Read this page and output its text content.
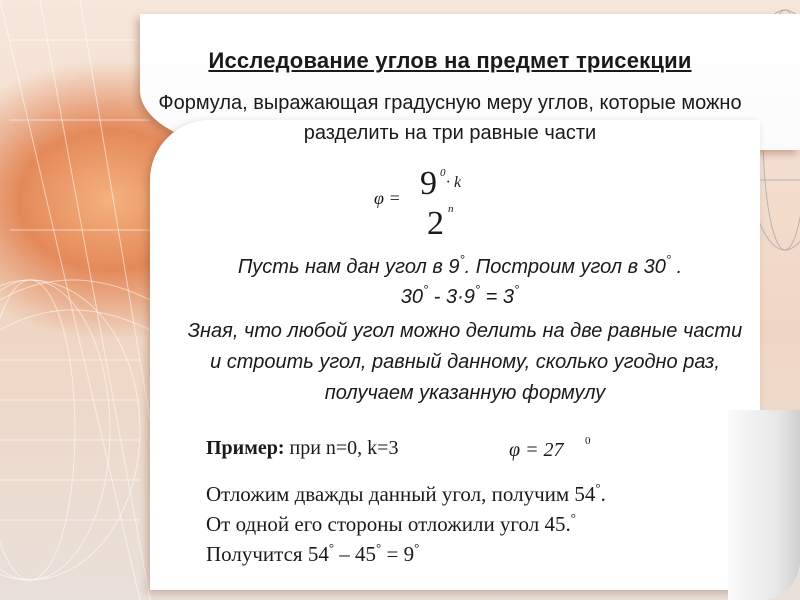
Исследование углов на предмет трисекции
Формула, выражающая градусную меру углов, которые можно разделить на три равные части
φ = 9 0
· k
2 n
Пусть нам дан угол в 9°. Построим угол в 30° .
30° - 3·9° = 3°
Зная, что любой угол можно делить на две равные части и строить угол, равный данному, сколько угодно раз, получаем указанную формулу
Пример: при n=0, k=3	φ = 27 0
Отложим дважды данный угол, получим 54°.
От одной его стороны отложили угол 45.°
Получится 54° – 45° = 9°
